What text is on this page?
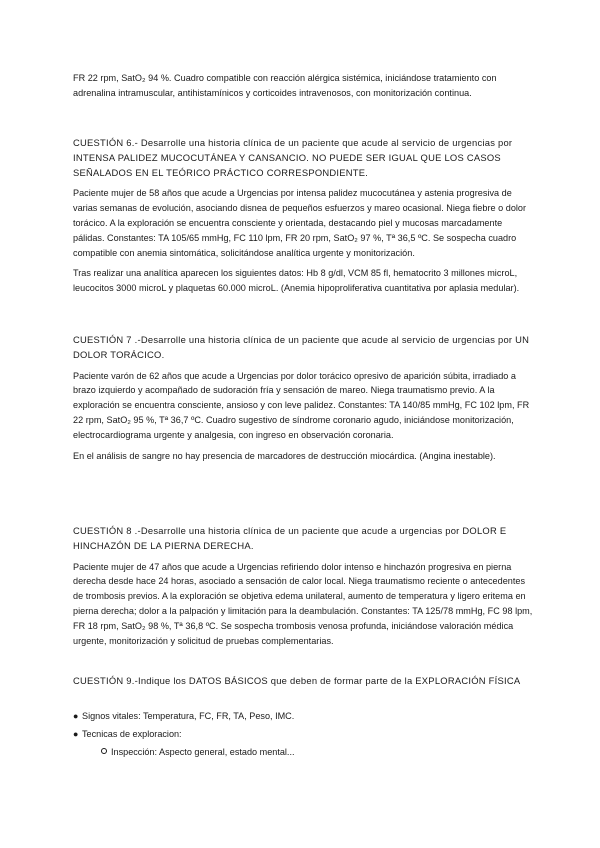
FR 22 rpm, SatO₂ 94 %. Cuadro compatible con reacción alérgica sistémica, iniciándose tratamiento con adrenalina intramuscular, antihistamínicos y corticoides intravenosos, con monitorización continua.

CUESTIÓN 6.- Desarrolle una historia clínica de un paciente que acude al servicio de urgencias por INTENSA PALIDEZ MUCOCUTÁNEA Y CANSANCIO. NO PUEDE SER IGUAL QUE LOS CASOS SEÑALADOS EN EL TEÓRICO PRÁCTICO CORRESPONDIENTE.

Paciente mujer de 58 años que acude a Urgencias por intensa palidez mucocutánea y astenia progresiva de varias semanas de evolución, asociando disnea de pequeños esfuerzos y mareo ocasional. Niega fiebre o dolor torácico. A la exploración se encuentra consciente y orientada, destacando piel y mucosas marcadamente pálidas. Constantes: TA 105/65 mmHg, FC 110 lpm, FR 20 rpm, SatO₂ 97 %, Tª 36,5 ºC. Se sospecha cuadro compatible con anemia sintomática, solicitándose analítica urgente y monitorización.

Tras realizar una analítica aparecen los siguientes datos: Hb 8 g/dl, VCM 85 fl, hematocrito 3 millones microL, leucocitos 3000 microL y plaquetas 60.000 microL. (Anemia hipoproliferativa cuantitativa por aplasia medular).

CUESTIÓN 7 .-Desarrolle una historia clínica de un paciente que acude al servicio de urgencias por UN DOLOR TORÁCICO.

Paciente varón de 62 años que acude a Urgencias por dolor torácico opresivo de aparición súbita, irradiado a brazo izquierdo y acompañado de sudoración fría y sensación de mareo. Niega traumatismo previo. A la exploración se encuentra consciente, ansioso y con leve palidez. Constantes: TA 140/85 mmHg, FC 102 lpm, FR 22 rpm, SatO₂ 95 %, Tª 36,7 ºC. Cuadro sugestivo de síndrome coronario agudo, iniciándose monitorización, electrocardiograma urgente y analgesia, con ingreso en observación coronaria.

En el análisis de sangre no hay presencia de marcadores de destrucción miocárdica. (Angina inestable).

CUESTIÓN 8 .-Desarrolle una historia clínica de un paciente que acude a urgencias por DOLOR E HINCHAZÓN DE LA PIERNA DERECHA.

Paciente mujer de 47 años que acude a Urgencias refiriendo dolor intenso e hinchazón progresiva en pierna derecha desde hace 24 horas, asociado a sensación de calor local. Niega traumatismo reciente o antecedentes de trombosis previos. A la exploración se objetiva edema unilateral, aumento de temperatura y ligero eritema en pierna derecha; dolor a la palpación y limitación para la deambulación. Constantes: TA 125/78 mmHg, FC 98 lpm, FR 18 rpm, SatO₂ 98 %, Tª 36,8 ºC. Se sospecha trombosis venosa profunda, iniciándose valoración médica urgente, monitorización y solicitud de pruebas complementarias.

CUESTIÓN 9.-Indique los DATOS BÁSICOS que deben de formar parte de la EXPLORACIÓN FÍSICA

● Signos vitales: Temperatura, FC, FR, TA, Peso, IMC.
● Tecnicas de exploracion:
Inspección: Aspecto general, estado mental...
